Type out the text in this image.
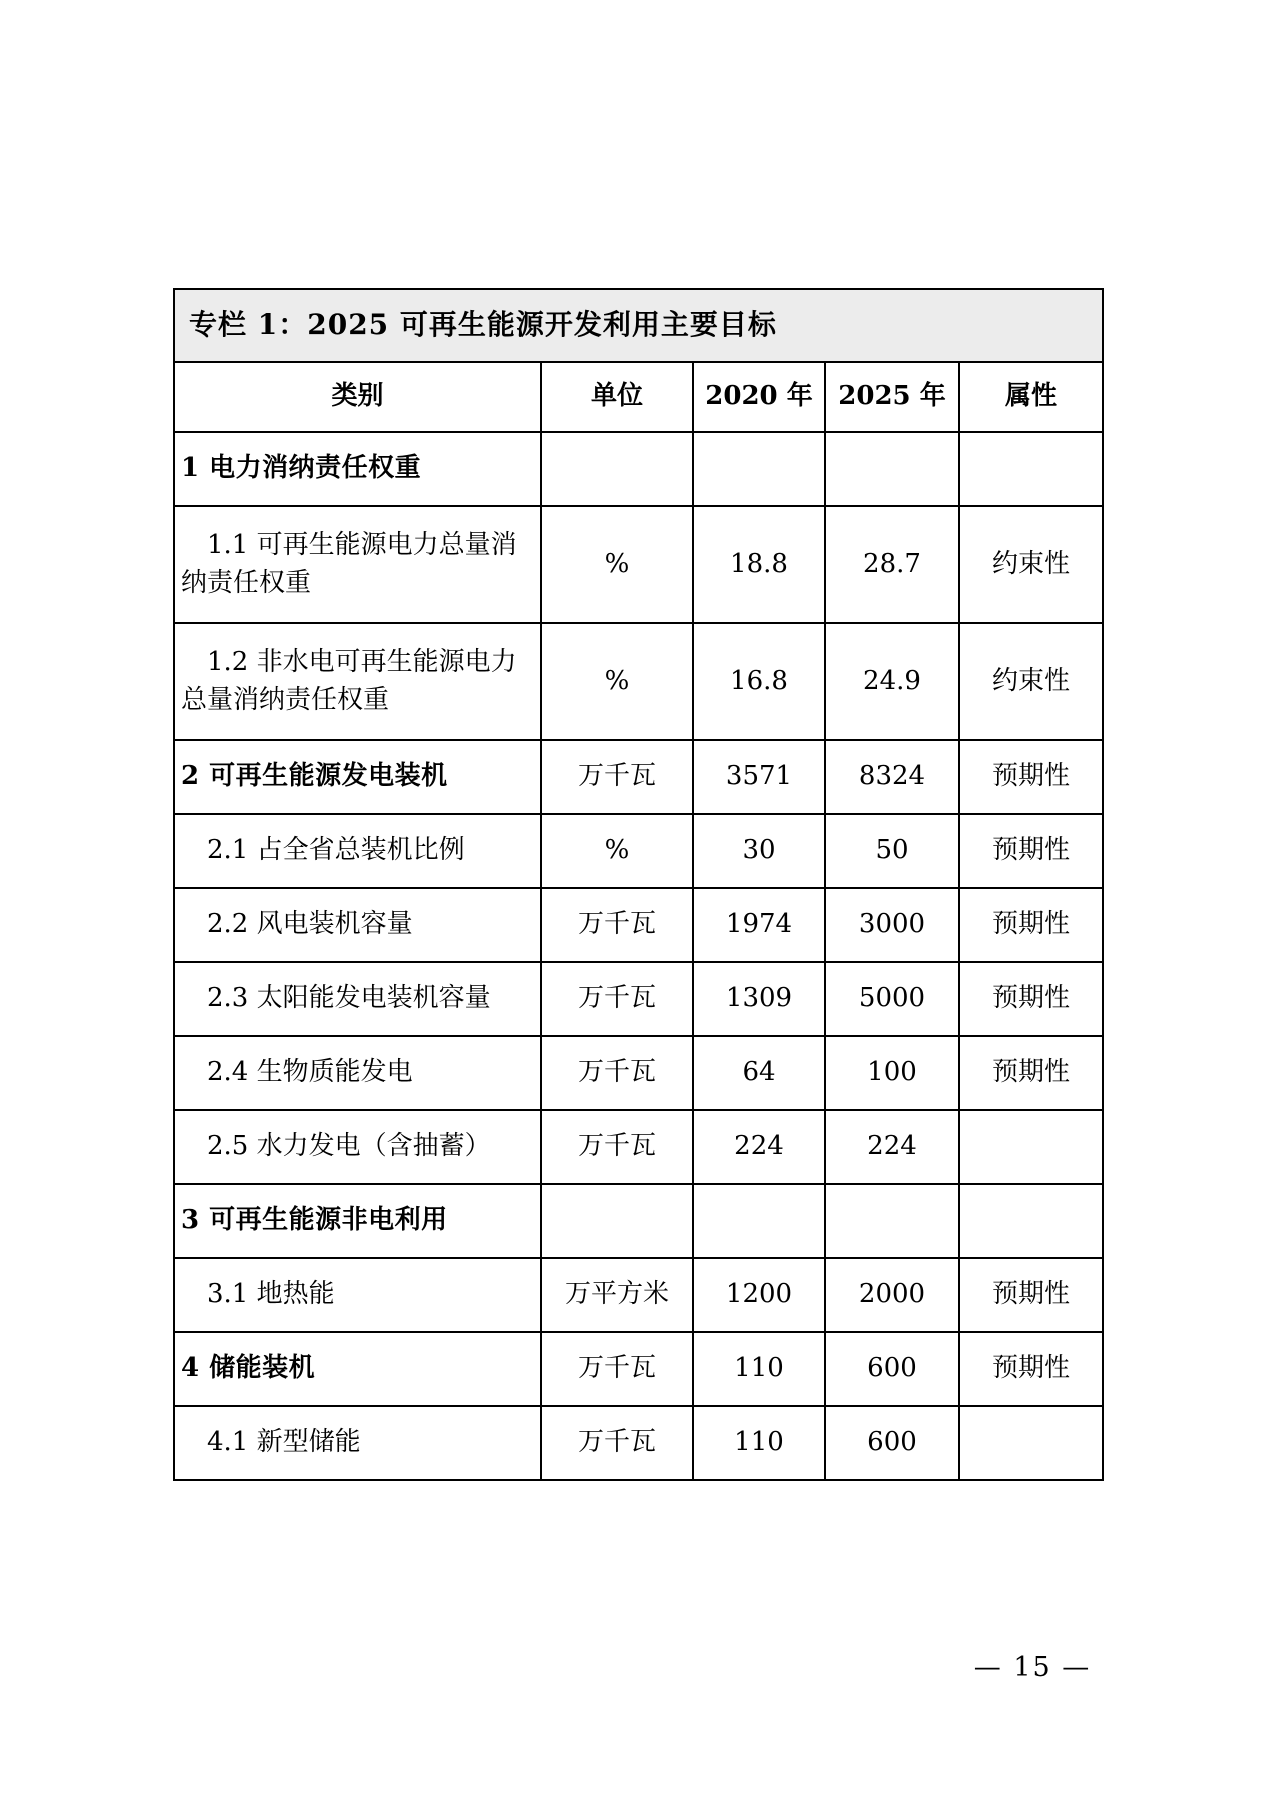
专栏 1：2025 可再生能源开发利用主要目标				
类别	单位	2020 年	2025 年	属性
1 电力消纳责任权重				
1.1 可再生能源电力总量消纳责任权重	%	18.8	28.7	约束性
1.2 非水电可再生能源电力总量消纳责任权重	%	16.8	24.9	约束性
2 可再生能源发电装机	万千瓦	3571	8324	预期性
2.1 占全省总装机比例	%	30	50	预期性
2.2 风电装机容量	万千瓦	1974	3000	预期性
2.3 太阳能发电装机容量	万千瓦	1309	5000	预期性
2.4 生物质能发电	万千瓦	64	100	预期性
2.5 水力发电（含抽蓄）	万千瓦	224	224	
3 可再生能源非电利用				
3.1 地热能	万平方米	1200	2000	预期性
4 储能装机	万千瓦	110	600	预期性
4.1 新型储能	万千瓦	110	600	
— 15 —
